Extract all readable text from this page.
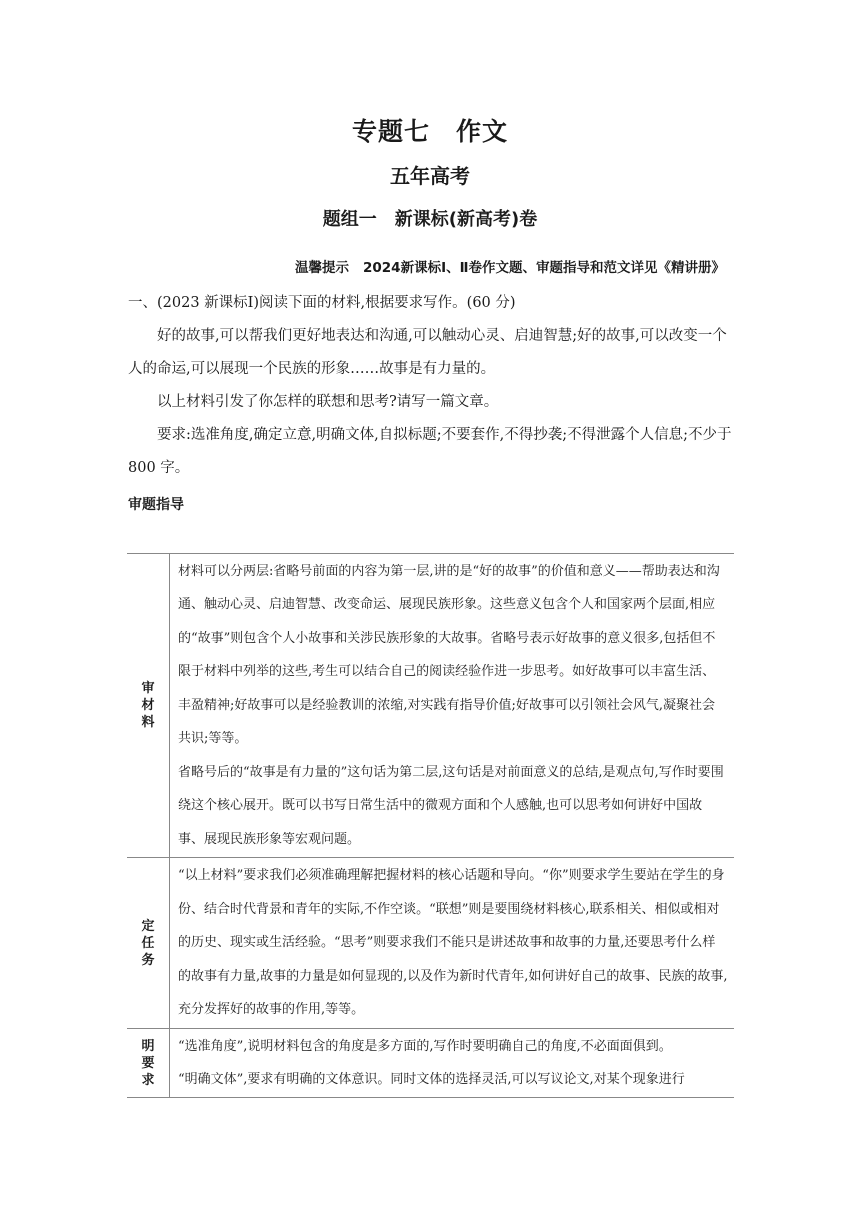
专题七　作文
五年高考
题组一　新课标(新高考)卷
温馨提示 2024新课标Ⅰ、Ⅱ卷作文题、审题指导和范文详见《精讲册》

一、(2023 新课标Ⅰ)阅读下面的材料,根据要求写作。(60 分)

好的故事,可以帮我们更好地表达和沟通,可以触动心灵、启迪智慧;好的故事,可以改变一个人的命运,可以展现一个民族的形象……故事是有力量的。

以上材料引发了你怎样的联想和思考?请写一篇文章。

要求:选准角度,确定立意,明确文体,自拟标题;不要套作,不得抄袭;不得泄露个人信息;不少于 800 字。

审题指导
审材料	材料可以分两层:省略号前面的内容为第一层,讲的是“好的故事”的价值和意义——帮助表达和沟通、触动心灵、启迪智慧、改变命运、展现民族形象。这些意义包含个人和国家两个层面,相应的“故事”则包含个人小故事和关涉民族形象的大故事。省略号表示好故事的意义很多,包括但不限于材料中列举的这些,考生可以结合自己的阅读经验作进一步思考。如好故事可以丰富生活、丰盈精神;好故事可以是经验教训的浓缩,对实践有指导价值;好故事可以引领社会风气,凝聚社会共识;等等。

省略号后的“故事是有力量的”这句话为第二层,这句话是对前面意义的总结,是观点句,写作时要围绕这个核心展开。既可以书写日常生活中的微观方面和个人感触,也可以思考如何讲好中国故事、展现民族形象等宏观问题。

定任务	“以上材料”要求我们必须准确理解把握材料的核心话题和导向。“你”则要求学生要站在学生的身份、结合时代背景和青年的实际,不作空谈。“联想”则是要围绕材料核心,联系相关、相似或相对的历史、现实或生活经验。“思考”则要求我们不能只是讲述故事和故事的力量,还要思考什么样的故事有力量,故事的力量是如何显现的,以及作为新时代青年,如何讲好自己的故事、民族的故事,充分发挥好的故事的作用,等等。

明要求	“选准角度”,说明材料包含的角度是多方面的,写作时要明确自己的角度,不必面面俱到。

“明确文体”,要求有明确的文体意识。同时文体的选择灵活,可以写议论文,对某个现象进行
